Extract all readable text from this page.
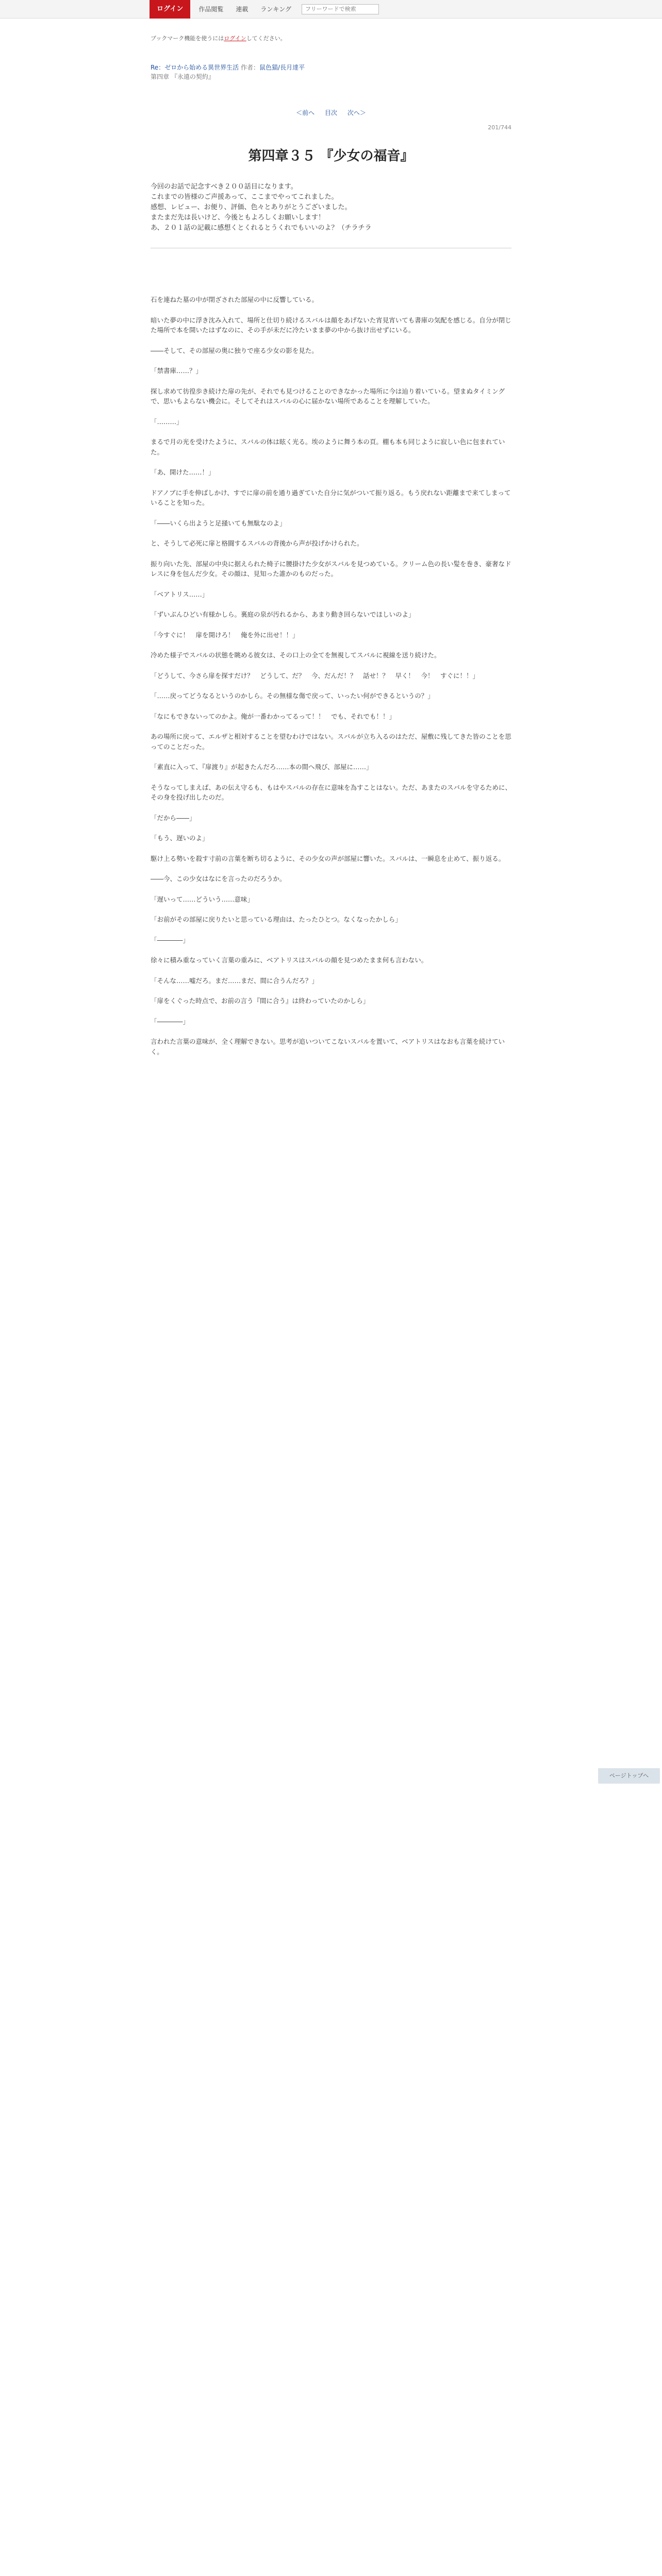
ログイン	作品閲覧 連載 ランキング
フリーワードで検索
ブックマーク機能を使うにはログインしてください。
Re：ゼロから始める異世界生活 作者：鼠色猫/長月達平
第四章 『永遠の契約』
＜前へ 目次 次へ＞
201/744
第四章３５ 『少女の福音』

今回のお話で記念すべき２００話目になります。

これまでの皆様のご声援あって、ここまでやってこれました。

感想、レビュー、お便り、評価、色々とありがとうございました。

またまだ先は長いけど、今後ともよろしくお願いします！

あ、２０１話の記載に感想くとくれるとうくれでもいいのよ？（チラチラ

石を連ねた墓の中が閉ざされた部屋の中に反響している。

暗いた夢の中に浮き沈み入れて、場所と仕切り続けるスバルは顔をあげないた宵見宵いても書庫の気配を感じる。自分が閉じた場所で本を開いたはずなのに、その手が未だに冷たいまま夢の中から抜け出せずにいる。

――そして、その部屋の奥に独りで座る少女の影を見た。

「禁書庫……？」

探し求めて彷徨歩き続けた扉の先が、それでも見つけることのできなかった場所に今は辿り着いている。望まぬタイミングで、思いもよらない機会に。そしてそれはスバルの心に届かない場所であることを理解していた。

「………」

まるで月の光を受けたように、スバルの体は眩く光る。埃のように舞う本の頁。棚も本も同じように寂しい色に包まれていた。

「あ、開けた……！」

ドアノブに手を伸ばしかけ、すでに扉の前を通り過ぎていた自分に気がついて振り返る。もう戻れない距離まで来てしまっていることを知った。

「――いくら出ようと足掻いても無駄なのよ」

と、そうして必死に扉と格闘するスバルの背後から声が投げかけられた。

振り向いた先、部屋の中央に据えられた椅子に腰掛けた少女がスバルを見つめている。クリーム色の長い髪を巻き、豪奢なドレスに身を包んだ少女。その顔は、見知った誰かのものだった。

「ベアトリス……」

「ずいぶんひどい有様かしら。裏庭の泉が汚れるから、あまり動き回らないでほしいのよ」

「今すぐに！　扉を開けろ！　俺を外に出せ！！」

冷めた様子でスバルの状態を眺める彼女は、その口上の全てを無視してスバルに視線を送り続けた。

「どうして、今さら扉を探すだけ？　どうして、だ？　今、だんだ！？　話せ！？　早く！　今！　すぐに！！」

「……戻ってどうなるというのかしら。その無様な傷で戻って、いったい何ができるというの？」

「なにもできないってのかよ。俺が一番わかってるって！！　でも、それでも！！」

あの場所に戻って、エルザと相対することを望むわけではない。スバルが立ち入るのはただ、屋敷に残してきた皆のことを思ってのことだった。

「素直に入って、『扉渡り』が起きたんだろ……本の間へ飛び、部屋に……」

そうなってしまえば、あの伝え守るも、もはやスバルの存在に意味を為すことはない。ただ、あまたのスバルを守るために、その身を投げ出したのだ。

「だから――」

「もう、遅いのよ」

駆け上る勢いを殺す寸前の言葉を断ち切るように、その少女の声が部屋に響いた。スバルは、一瞬息を止めて、振り返る。

――今、この少女はなにを言ったのだろうか。

「遅いって……どういう……意味」

「お前がその部屋に戻りたいと思っている理由は、たったひとつ。なくなったかしら」

「――――」

徐々に積み重なっていく言葉の重みに、ベアトリスはスバルの顔を見つめたまま何も言わない。

「そんな……嘘だろ。まだ……まだ、間に合うんだろ？」

「扉をくぐった時点で、お前の言う『間に合う』は終わっていたのかしら」

「――――」

言われた言葉の意味が、全く理解できない。思考が追いついてこないスバルを置いて、ベアトリスはなおも言葉を続けていく。

ページトップへ
